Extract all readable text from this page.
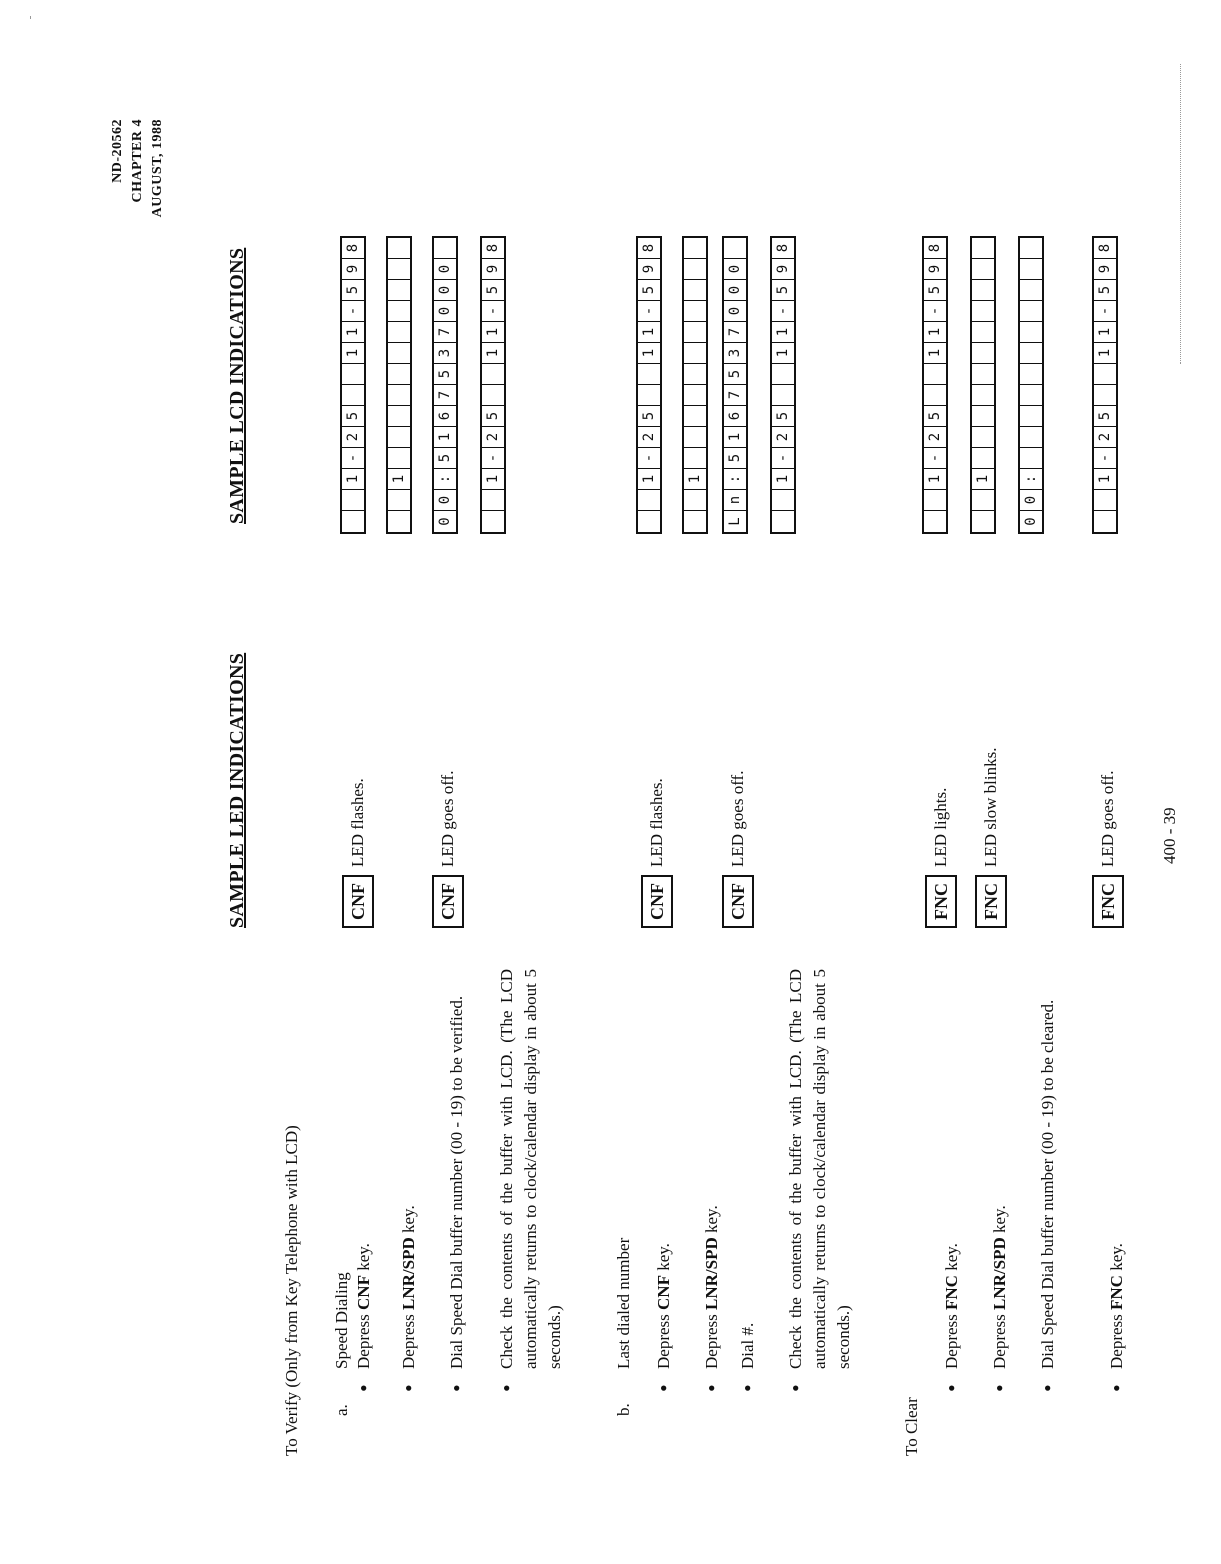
ND-20562 CHAPTER 4 AUGUST, 1988
SAMPLE LED INDICATIONS
SAMPLE LCD INDICATIONS
To Verify (Only from Key Telephone with LCD) a.
Speed Dialing
•
Depress CNF key.
•
Depress LNR/SPD key.
•
Dial Speed Dial buffer number (00 - 19) to be verified.
•
Check the contents of the buffer with LCD. (The LCD automatically returns to clock/calendar display in about 5 seconds.)
b.
Last dialed number
•
Depress CNF key.
•
Depress LNR/SPD key.
•
Dial #.
•
Check the contents of the buffer with LCD. (The LCD automatically returns to clock/calendar display in about 5 seconds.)
To Clear
•
Depress FNC key.
•
Depress LNR/SPD key.
•
Dial Speed Dial buffer number (00 - 19) to be cleared.
•
Depress FNC key.
CNF
LED flashes.
CNF
LED goes off.
CNF
LED flashes.
CNF
LED goes off.
FNC
LED lights.
FNC
LED slow blinks.
FNC
LED goes off.
1
-
2
5
1
1
-
5
9
8
1
0
0
:
5
1
6
7
5
3
7
0
0
0
1
-
2
5
1
1
-
5
9
8
1
-
2
5
1
1
-
5
9
8
1
L
n
:
5
1
6
7
5
3
7
0
0
0
1
-
2
5
1
1
-
5
9
8
1
-
2
5
1
1
-
5
9
8
1
0
0
:	1
-
2
5
1
1
-
5
9
8
400 - 39
